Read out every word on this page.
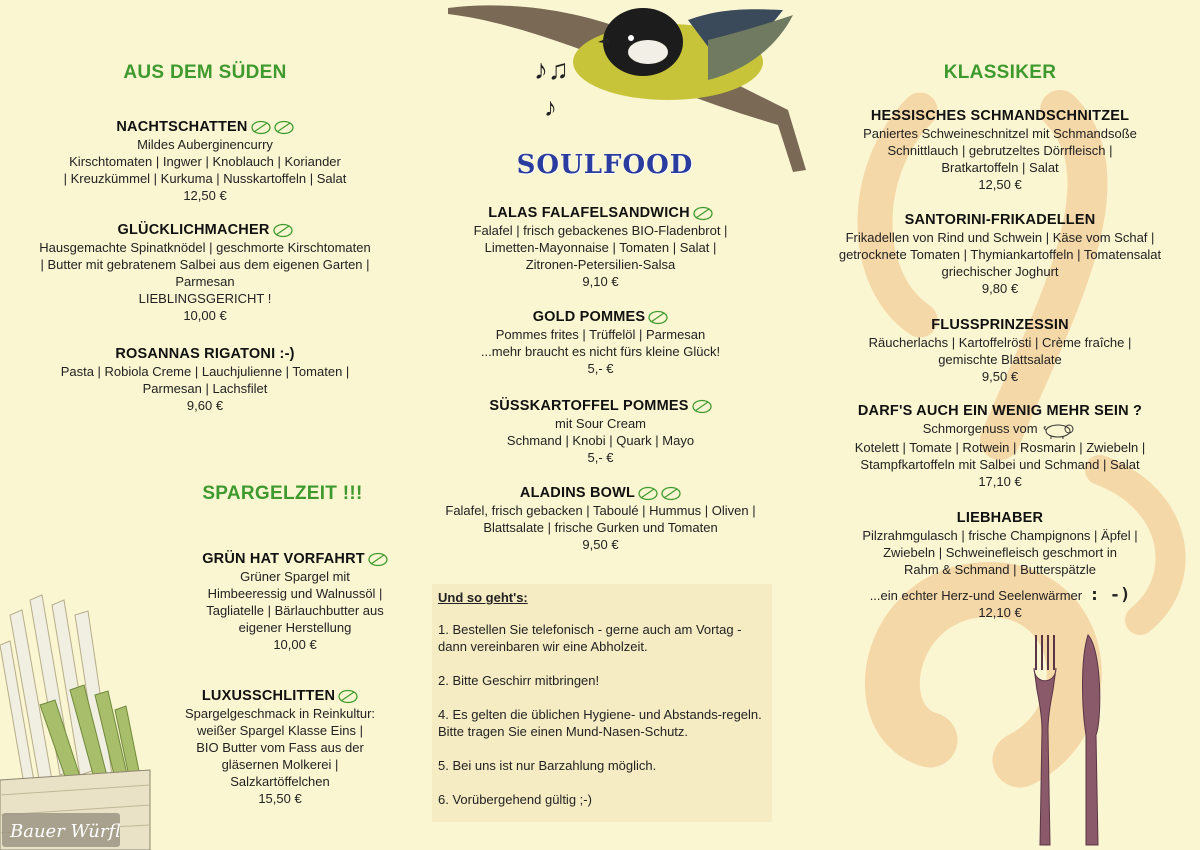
♪♫
♪
AUS DEM SÜDEN
NACHTSCHATTEN
Mildes Auberginencurry
Kirschtomaten | Ingwer | Knoblauch | Koriander
| Kreuzkümmel | Kurkuma | Nusskartoffeln | Salat
12,50 €
GLÜCKLICHMACHER
Hausgemachte Spinatknödel | geschmorte Kirschtomaten
| Butter mit gebratenem Salbei aus dem eigenen Garten |
Parmesan
LIEBLINGSGERICHT !
10,00 €
ROSANNAS RIGATONI :-)
Pasta | Robiola Creme | Lauchjulienne | Tomaten |
Parmesan | Lachsfilet
9,60 €
SPARGELZEIT !!!
GRÜN HAT VORFAHRT
Grüner Spargel mit
Himbeeressig und Walnussöl |
Tagliatelle | Bärlauchbutter aus
eigener Herstellung
10,00 €
LUXUSSCHLITTEN
Spargelgeschmack in Reinkultur:
weißer Spargel Klasse Eins |
BIO Butter vom Fass aus der
gläsernen Molkerei |
Salzkartöffelchen
15,50 €
Bauer Würfl
SOULFOOD
LALAS FALAFELSANDWICH
Falafel | frisch gebackenes BIO-Fladenbrot |
Limetten-Mayonnaise | Tomaten | Salat |
Zitronen-Petersilien-Salsa
9,10 €
GOLD POMMES
Pommes frites | Trüffelöl | Parmesan
...mehr braucht es nicht fürs kleine Glück!
5,- €
SÜSSKARTOFFEL POMMES
mit Sour Cream
Schmand | Knobi | Quark | Mayo
5,- €
ALADINS BOWL
Falafel, frisch gebacken | Taboulé | Hummus | Oliven |
Blattsalate | frische Gurken und Tomaten
9,50 €
Und so geht's:
1. Bestellen Sie telefonisch - gerne auch am Vortag - dann vereinbaren wir eine Abholzeit.
2. Bitte Geschirr mitbringen!
4. Es gelten die üblichen Hygiene- und Abstands-regeln. Bitte tragen Sie einen Mund-Nasen-Schutz.
5. Bei uns ist nur Barzahlung möglich.
6. Vorübergehend gültig ;-)
KLASSIKER
HESSISCHES SCHMANDSCHNITZEL
Paniertes Schweineschnitzel mit Schmandsoße
Schnittlauch | gebrutzeltes Dörrfleisch |
Bratkartoffeln | Salat
12,50 €
SANTORINI-FRIKADELLEN
Frikadellen von Rind und Schwein | Käse vom Schaf |
getrocknete Tomaten | Thymiankartoffeln | Tomatensalat
griechischer Joghurt
9,80 €
FLUSSPRINZESSIN
Räucherlachs | Kartoffelrösti | Crème fraîche |
gemischte Blattsalate
9,50 €
DARF'S AUCH EIN WENIG MEHR SEIN ?
Schmorgenuss vom
Kotelett | Tomate | Rotwein | Rosmarin | Zwiebeln |
Stampfkartoffeln mit Salbei und Schmand | Salat
17,10 €
LIEBHABER
Pilzrahmgulasch | frische Champignons | Äpfel |
Zwiebeln | Schweinefleisch geschmort in
Rahm & Schmand | Butterspätzle
...ein echter Herz-und Seelenwärmer : -)
12,10 €
